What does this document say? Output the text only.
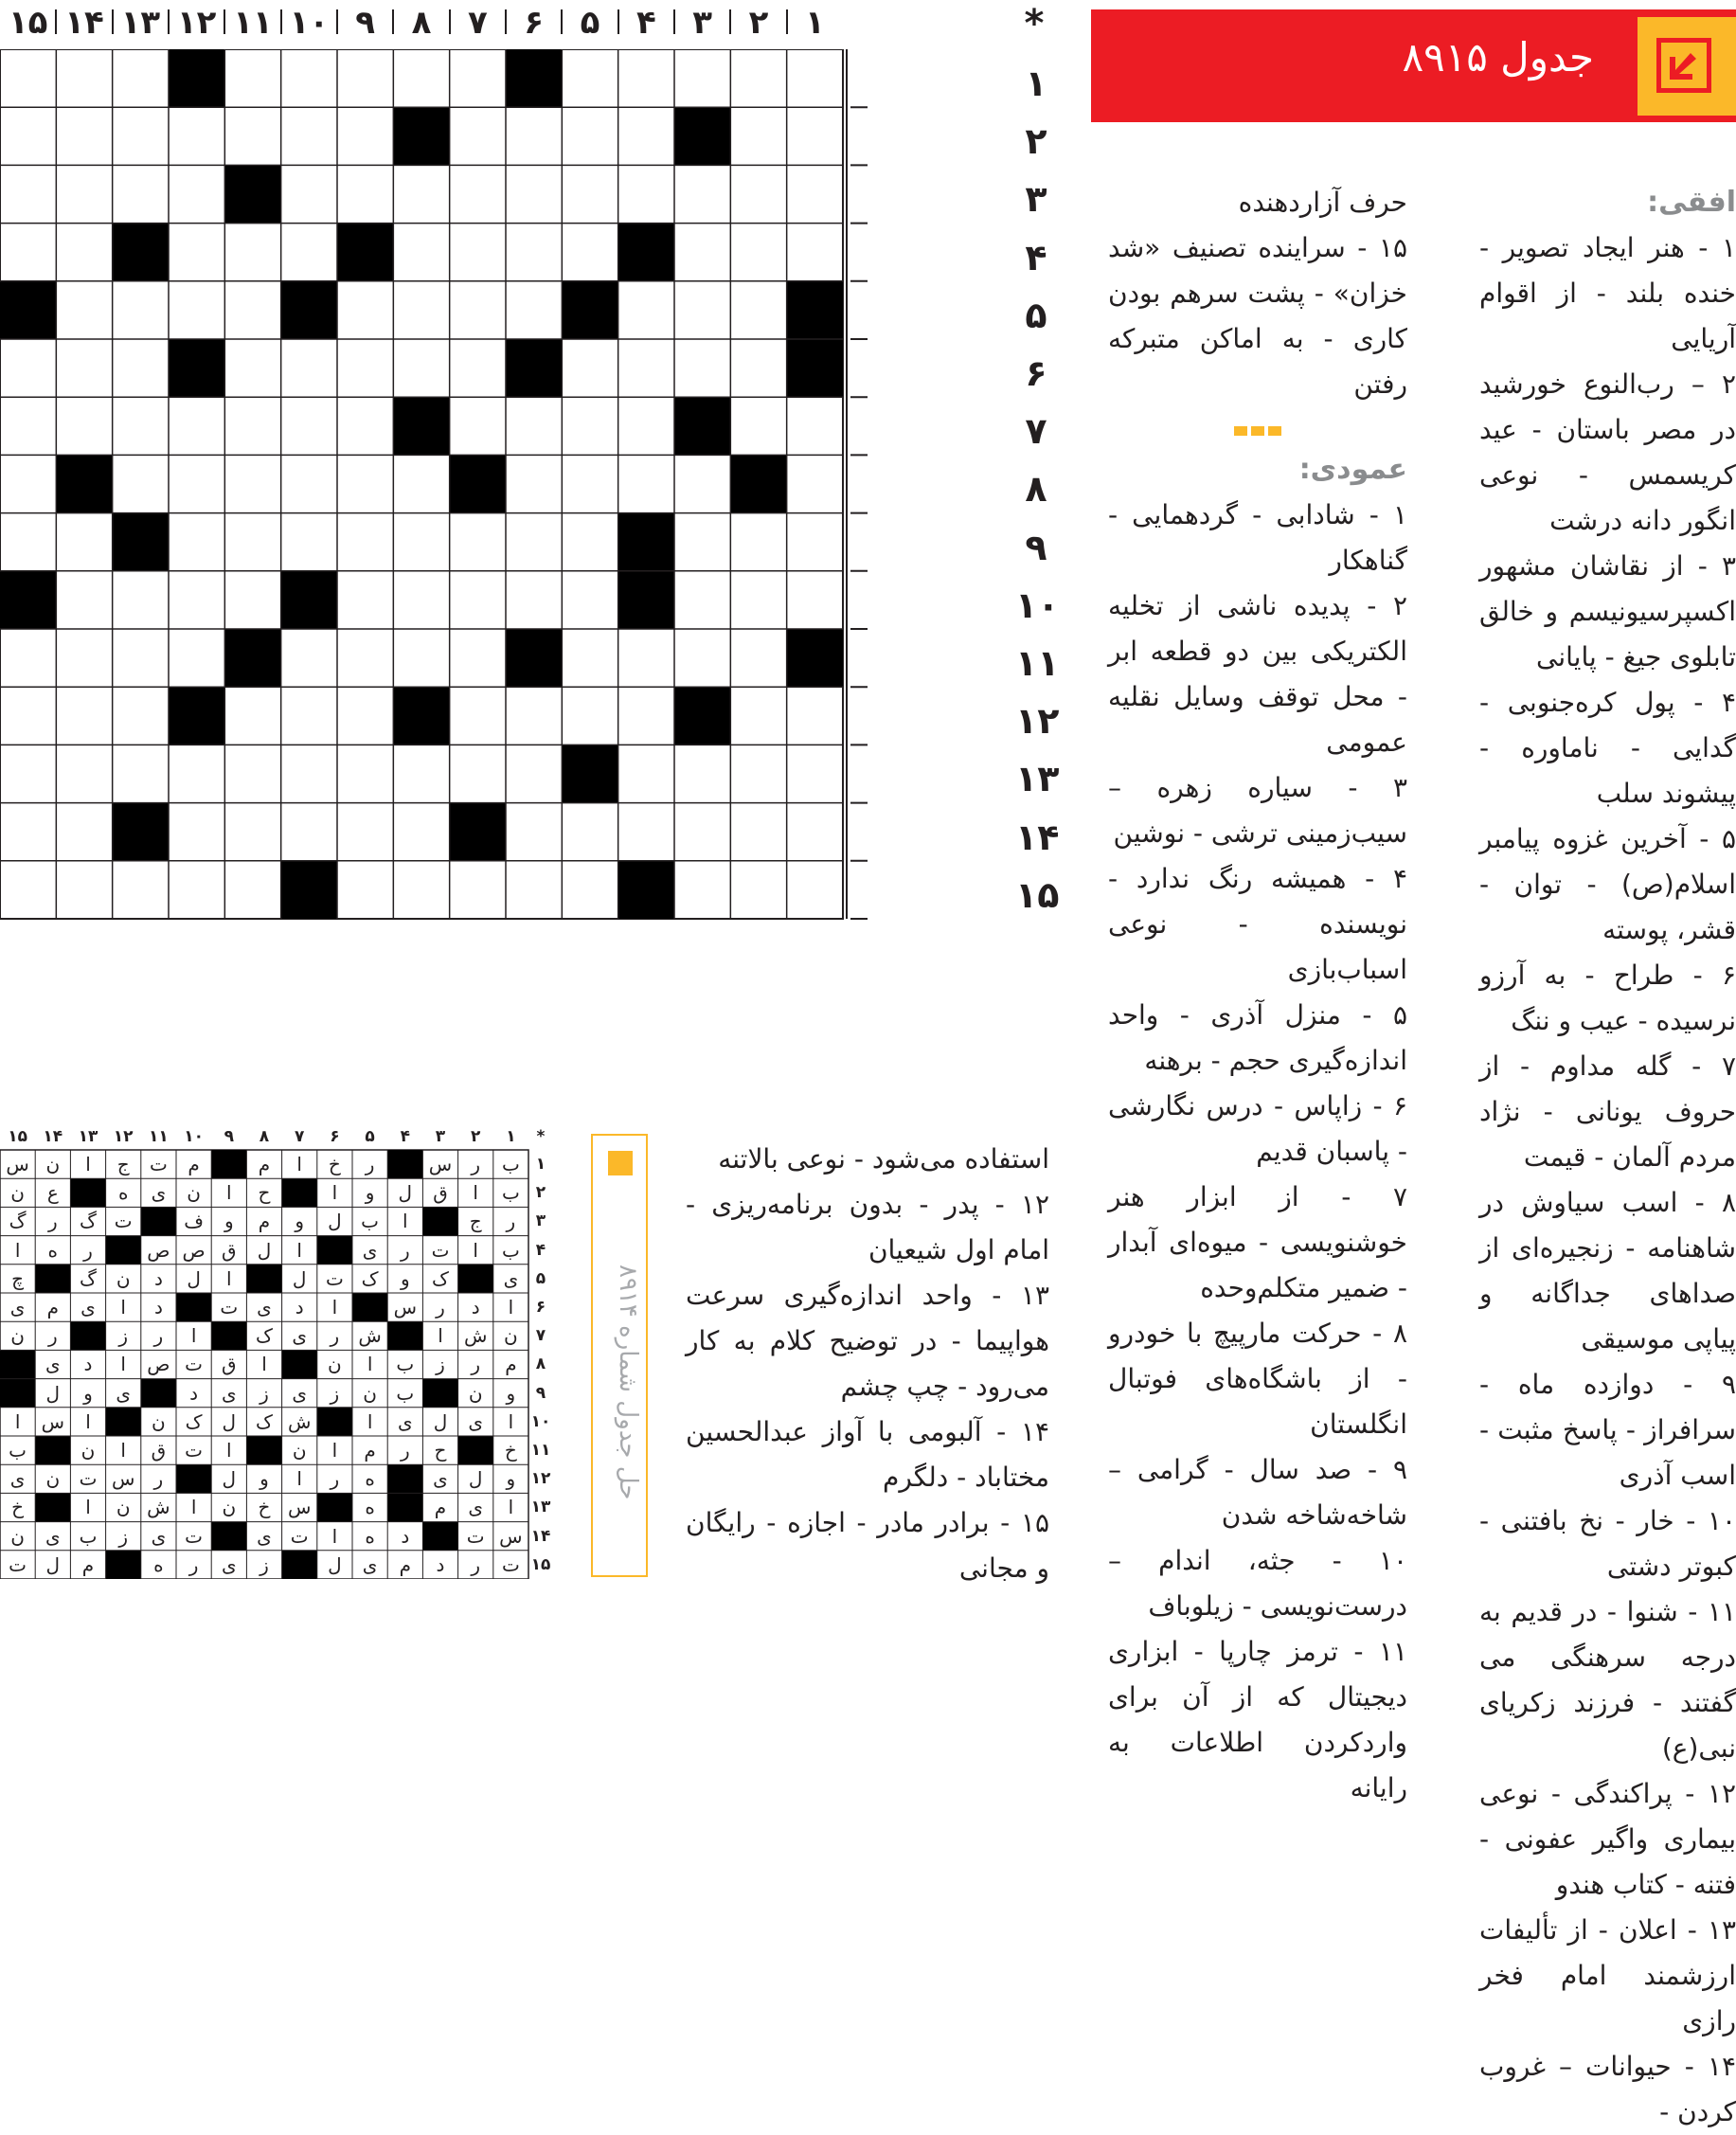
جدول ۸۹۱۵
۱
۲
۳
۴
۵
۶
۷
۸
۹
۱۰
۱۱
۱۲
۱۳
۱۴
۱۵
۱
۲
۳
۴
۵
۶
۷
۸
۹
۱۰
۱۱
۱۲
۱۳
۱۴
۱۵
*
افقی:

۱ - هنر ایجاد تصویر - خنده بلند - از اقوام آریایی

۲ – رب‌النوع خورشید در مصر باستان - عید کریسمس - نوعی انگور دانه درشت

۳ - از نقاشان مشهور اکسپرسیونیسم و خالق تابلوی جیغ - پایانی

۴ - پول کره‌جنوبی - گدایی - ناماوره - پیشوند سلب

۵ - آخرین غزوه پیامبر اسلام(ص) - توان - قشر، پوسته

۶ - طراح - به آرزو نرسیده - عیب و ننگ

۷ - گله مداوم - از حروف یونانی - نژاد مردم آلمان - قیمت

۸ - اسب سیاوش در شاهنامه - زنجیره‌ای از صداهای جداگانه و پیاپی موسیقی

۹ - دوازده ماه - سرافراز - پاسخ مثبت - اسب آذری

۱۰ - خار - نخ بافتنی - کبوتر دشتی

۱۱ - شنوا - در قدیم به درجه سرهنگی می گفتند - فرزند زکریای نبی(ع)

۱۲ - پراکندگی - نوعی بیماری واگیر عفونی - فتنه - کتاب هندو

۱۳ - اعلان - از تألیفات ارزشمند امام فخر رازی

۱۴ - حیوانات – غروب کردن -

حرف آزاردهنده

۱۵ - سراینده تصنیف «شد خزان» - پشت سرهم بودن کاری - به اماکن متبرکه رفتن

عمودی:

۱ - شادابی - گردهمایی - گناهکار

۲ - پدیده ناشی از تخلیه الکتریکی بین دو قطعه ابر - محل توقف وسایل نقلیه عمومی

۳ - سیاره زهره – سیب‌زمینی ترشی - نوشین

۴ - همیشه رنگ ندارد - نویسنده - نوعی اسباب‌بازی

۵ - منزل آذری - واحد اندازه‌گیری حجم - برهنه

۶ - زاپاس - درس نگارشی - پاسبان قدیم

۷ - از ابزار هنر خوشنویسی - میوه‌ای آبدار - ضمیر متکلم‌وحده

۸ - حرکت مارپیچ با خودرو - از باشگاه‌های فوتبال انگلستان

۹ - صد سال - گرامی – شاخه‌شاخه شدن

۱۰ - جثه، اندام – درست‌نویسی - زیلوباف

۱۱ - ترمز چارپا - ابزاری دیجیتال که از آن برای واردکردن اطلاعات به رایانه

استفاده می‌شود - نوعی بالاتنه

۱۲ - پدر - بدون برنامه‌ریزی - امام اول شیعیان

۱۳ - واحد اندازه‌گیری سرعت هواپیما - در توضیح کلام به کار می‌رود - چپ چشم

۱۴ - آلبومی با آواز عبدالحسین مختاباد - دلگرم

۱۵ - برادر مادر - اجازه - رایگان و مجانی

حل جدول شماره ۸۹۱۴
ب
ر
س
ر
خ
ا
م
م
ت
ج
ا
ن
س
ب
ا
ق
ل
و
ا
ح
ا
ن
ی
ه
ع
ن
ر
ج
ا
ب
ل
و
م
و
ف
ت
گ
ر
گ
ب
ا
ت
ر
ی
ا
ل
ق
ص
ص
ر
ه
ا
ی
ک
و
ک
ت
ل
ا
ل
د
ن
گ
چ
ا
د
ر
س
ا
د
ی
ت
د
ا
ی
م
ی
ن
ش
ا
ش
ر
ی
ک
ا
ر
ز
ر
ن
م
ر
ز
ب
ا
ن
ا
ق
ت
ص
ا
د
ی
و
ن
ب
ن
ز
ی
ز
ی
د
ی
و
ل
ا
ی
ل
ی
ا
ش
ک
ل
ک
ن
ا
س
ا
خ
ح
ر
م
ا
ن
ا
ت
ق
ا
ن
ب
و
ل
ی
ه
ر
ا
و
ل
ر
س
ت
ن
ی
ا
ی
م
ه
س
خ
ن
ا
ش
ن
ا
خ
س
ت
د
ه
ا
ت
ی
ت
ی
ز
ب
ی
ن
ت
ر
د
م
ی
ل
ز
ی
ر
ه
م
ل
ت
۱
۲
۳
۴
۵
۶
۷
۸
۹
۱۰
۱۱
۱۲
۱۳
۱۴
۱۵	*
۱
۲
۳
۴
۵
۶
۷
۸
۹
۱۰
۱۱
۱۲
۱۳
۱۴
۱۵
